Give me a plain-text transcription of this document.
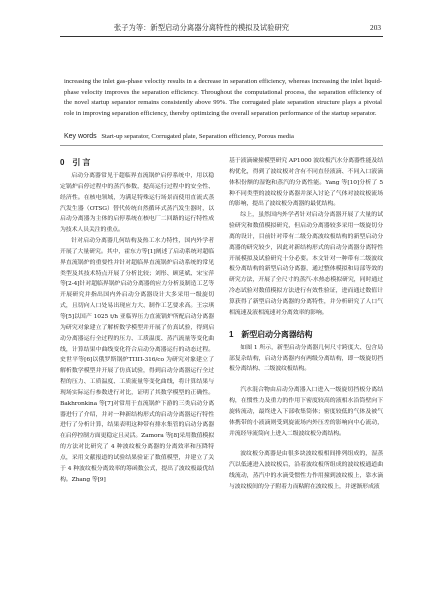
张子为等：新型启动分离器分离特性的模拟及试验研究	203

increasing the inlet gas-phase velocity results in a decrease in separation efficiency, whereas increasing the inlet liquid-phase velocity improves the separation efficiency. Throughout the computational process, the separation efficiency of the novel startup separator remains consistently above 99%. The corrugated plate separation structure plays a pivotal role in improving separation efficiency, thereby optimizing the overall separation performance of the startup separator.

Key words Start-up separator, Corrugated plate, Separation efficiency, Porous media
0 引 言

启动分离器常见于超临界直流锅炉启停系统中，用以稳定锅炉启停过程中的蒸汽参数，提高运行过程中的安全性、经济性。在核电领域，为满足特殊运行场景而使用直流式蒸汽发生器（OTSG）替代传统自然循环式蒸汽发生器时，以启动分离器为主体的启停系统在核电厂二回路的运行特性成为技术人员关注的重点。

针对启动分离器几何结构及热工水力特性，国内外学者开展了大量研究。其中，霍东方等[1]阐述了启动系统对超临界直流锅炉的重要性并针对超临界直流锅炉启动系统的常见类型及其技术特点开展了分析比较；刘彤、顾延斌、宋宝萍等[2-4]针对超临界锅炉启动分离器的应力分析及制造工艺等开展研究并指出国内外启动分离器设计大多采用一级旋切式，且切向人口处易出现应力大、制作工艺要求高。王宗琪等[5]以国产 1025 t/h 亚临界压力直流锅炉所配启动分离器为研究对象建立了解析数学模型并开展了仿真试验，得到启动分离器运行全过程的压力、工质温度、蒸汽流量等变化曲线，计算结果中曲线变化符合启动分离器运行的动态过程。史世平等[6]以俄罗斯锅炉ТПП-316/co 为研究对象建立了解析数学模型并开展了仿真试验，得到启动分离器运行全过程的压力、工质温度、工质流量等变化曲线，将计算结果与现场实际运行参数进行对比，证明了其数学模型的正确性。Bakhronkina 等[7]对常用于直流锅炉下游的三类启动分离器进行了介绍，并对一种新结构形式的启动分离器运行特性进行了分析计算，结果表明这种带有排水集管的启动分离器在启停控制方面更稳定且灵活。Zamora 等[8]采用数值模拟的方法对比研究了 4 种波纹板分离器的分离效率和压降特点，采用文献报道的试验结果验证了数值模型，并建立了关于 4 种波纹板分离效率的筹函数公式，提出了波纹板最优结构。Zhang 等[9]

基于液滴碰撞模型研究 AP1000 波纹板汽水分离器性能及结构优化，得到了波纹板对含有不同直径液滴、不同入口液滴体积份额的湿饱和蒸汽的分离性能。Yang 等[10]分析了 5 种不同类型的波纹板分离器并深入讨论了气体对波纹板流场的影响，提出了波纹板分离器的最优结构。

综上，虽然国内外学者针对启动分离器开展了大量的试验研究和数值模拟研究，但启动分离器较多采用一级旋切分离的设计，目前针对带有二级分离波纹板结构的新型启动分离器的研究较少，因此对新结构形式的启动分离器分离特性开展模拟及试验研究十分必要。本文针对一种带有二级波纹板分离结构的新型启动分离器，通过整体模拟和局部等效的研究方法，开展了全尺寸的蒸汽-水热态模拟研究，同时通过冷态试验对数值模拟方法进行有效性验证，进而通过数值计算获得了新型启动分离器的分离特性，并分析研究了人口气相流速及液相流速对分离效率的影响。

1 新型启动分离器结构

如图 1 所示，新型启动分离器几何尺寸跨度大、包含局部复杂结构，启动分离器内有两级分离结构，即一级旋切挡板分离结构、二级波纹板结构。

汽水混合物由启动分离器入口进入一级旋切挡板分离结构，在惯性力及重力的作用下密度较高的液相水沿筒壁向下旋转流动，最终进入下部收集筒体；密度较低的气体及被气体携带的小液滴则受到旋流场内外压差的影响向中心流动，并流经导流筒向上进入二级波纹板分离结构。

波纹板分离器是由很多块波纹板相间排列组成的，湿蒸汽以低速进入波纹板后，沿着波纹板所组成的波纹板通道曲线流动，蒸汽中的水滴受惯性力作用撞到波纹板上，靠水滴与波纹板间的分子附着力而粘附在波纹板上，并逐渐形成液
